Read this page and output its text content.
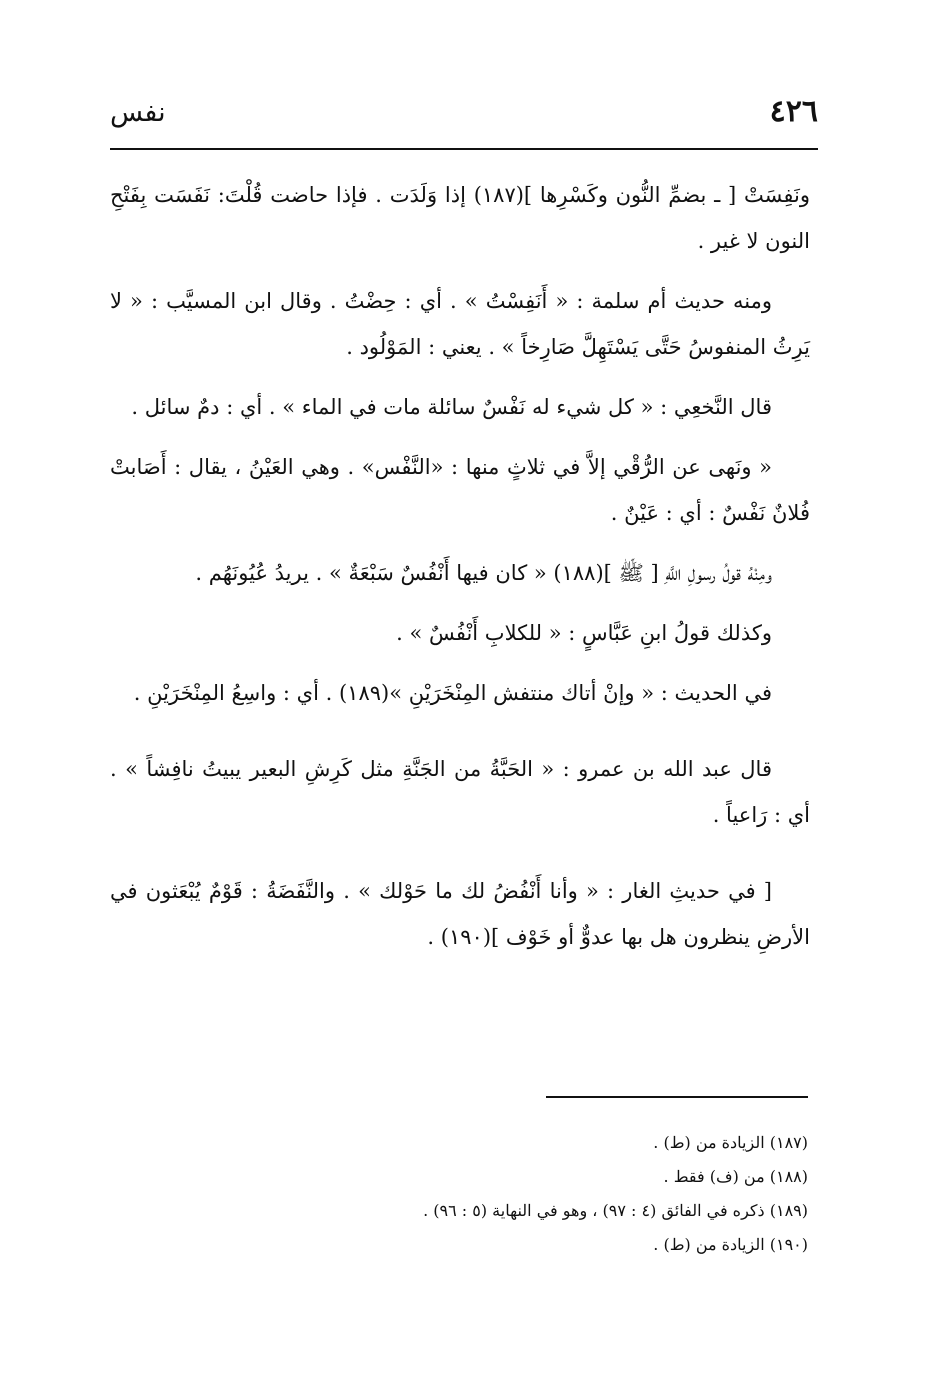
٤٢٦
نفس

ونَفِسَتْ [ ـ بضمِّ النُّون وكَسْرِها ](١٨٧) إذا وَلَدَت . فإذا حاضت قُلْتَ: نَفَسَت بِفَتْحِ النون لا غير .

ومنه حديث أم سلمة : « أَنَفِسْتُ » . أي : حِضْتُ . وقال ابن المسيَّب : « لا يَرِثُ المنفوسُ حَتَّى يَسْتَهِلَّ صَارِخاً » . يعني : المَوْلُود .

قال النَّخعِي : « كل شيء له نَفْسٌ سائلة مات في الماء » . أي : دمٌ سائل .

« ونَهى عن الرُّقْي إلاَّ في ثلاثٍ منها : «النَّفْس» . وهي العَيْنُ ، يقال : أَصَابتْ فُلانٌ نَفْسٌ : أي : عَيْنٌ .

ومِنْهُ قولُ رسولِ اللَّهِ [ ﷺ ](١٨٨) « كان فيها أَنْفُسٌ سَبْعَةٌ » . يريدُ عُيُونَهُم .

وكذلك قولُ ابنِ عَبَّاسٍ : « للكلابِ أَنْفُسٌ » .

في الحديث : « وإنْ أتاك منتفش المِنْخَرَيْنِ »(١٨٩) . أي : واسِعُ المِنْخَرَيْنِ .

قال عبد الله بن عمرو : « الحَبَّةُ من الجَنَّةِ مثل كَرِشِ البعير يبيتُ نافِشاً » . أي : رَاعياً .

[ في حديثِ الغار : « وأنا أَنْفُضُ لك ما حَوْلك » . والنَّفَضَةُ : قَوْمٌ يُبْعَثون في الأرضِ ينظرون هل بها عدوٌّ أو خَوْف ](١٩٠) .

(١٨٧) الزيادة من (ط) .

(١٨٨) من (ف) فقط .

(١٨٩) ذكره في الفائق (٤ : ٩٧) ، وهو في النهاية (٥ : ٩٦) .

(١٩٠) الزيادة من (ط) .
